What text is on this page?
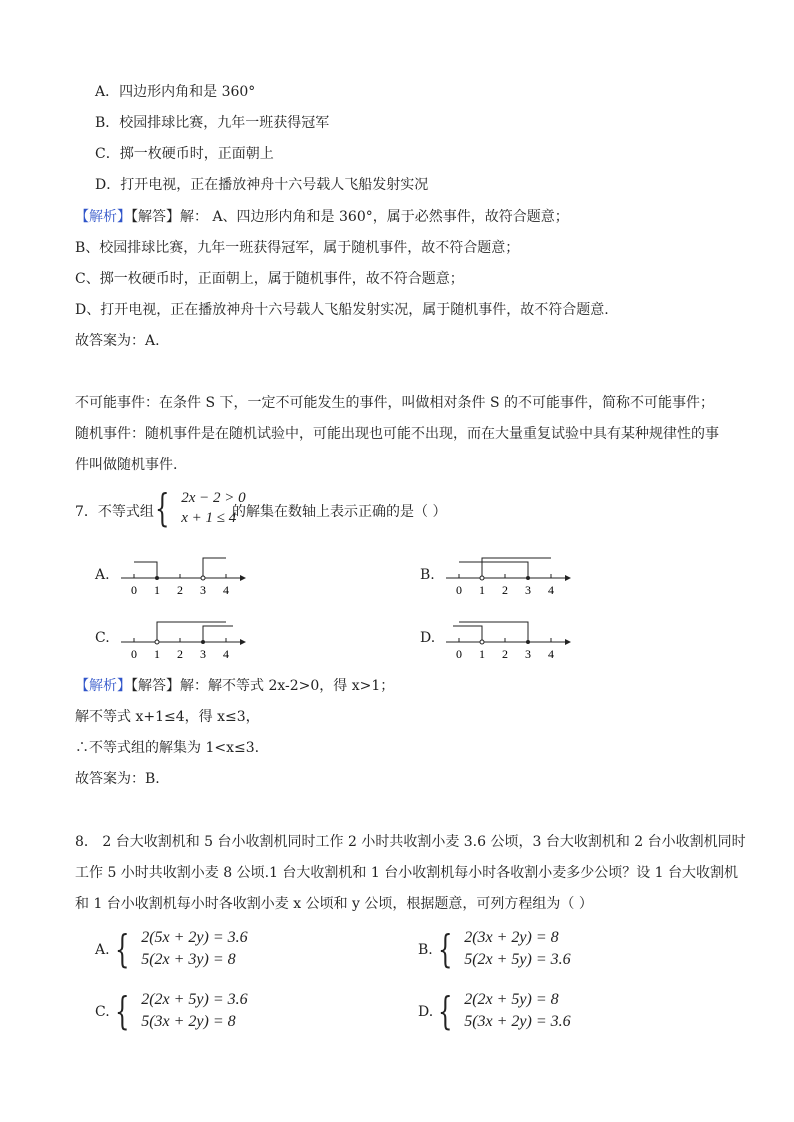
A．四边形内角和是 360°
B．校园排球比赛，九年一班获得冠军
C．掷一枚硬币时，正面朝上
D．打开电视，正在播放神舟十六号载人飞船发射实况
【解析】【解答】解： A、四边形内角和是 360°，属于必然事件，故符合题意；
B、校园排球比赛，九年一班获得冠军，属于随机事件，故不符合题意；
C、掷一枚硬币时，正面朝上，属于随机事件，故不符合题意；
D、打开电视，正在播放神舟十六号载人飞船发射实况，属于随机事件，故不符合题意.
故答案为：A.
不可能事件：在条件 S 下，一定不可能发生的事件，叫做相对条件 S 的不可能事件，简称不可能事件；
随机事件：随机事件是在随机试验中，可能出现也可能不出现，而在大量重复试验中具有某种规律性的事
件叫做随机事件.
7．不等式组 { 2x − 2 > 0
x + 1 ≤ 4
的解集在数轴上表示正确的是（ ）
A.
0 1 2 3 4
B.
0 1 2 3 4
C.
0 1 2 3 4
D.
0 1 2 3 4
【解析】【解答】解：解不等式 2x-2>0，得 x>1；
解不等式 x+1≤4，得 x≤3，
∴不等式组的解集为 1<x≤3.
故答案为：B.
8． 2 台大收割机和 5 台小收割机同时工作 2 小时共收割小麦 3.6 公顷，3 台大收割机和 2 台小收割机同时
工作 5 小时共收割小麦 8 公顷.1 台大收割机和 1 台小收割机每小时各收割小麦多少公顷？设 1 台大收割机
和 1 台小收割机每小时各收割小麦 x 公顷和 y 公顷，根据题意，可列方程组为（ ）
A. { 2(5x + 2y) = 3.6
5(2x + 3y) = 8
B. { 2(3x + 2y) = 8
5(2x + 5y) = 3.6
C. { 2(2x + 5y) = 3.6
5(3x + 2y) = 8
D. { 2(2x + 5y) = 8
5(3x + 2y) = 3.6
